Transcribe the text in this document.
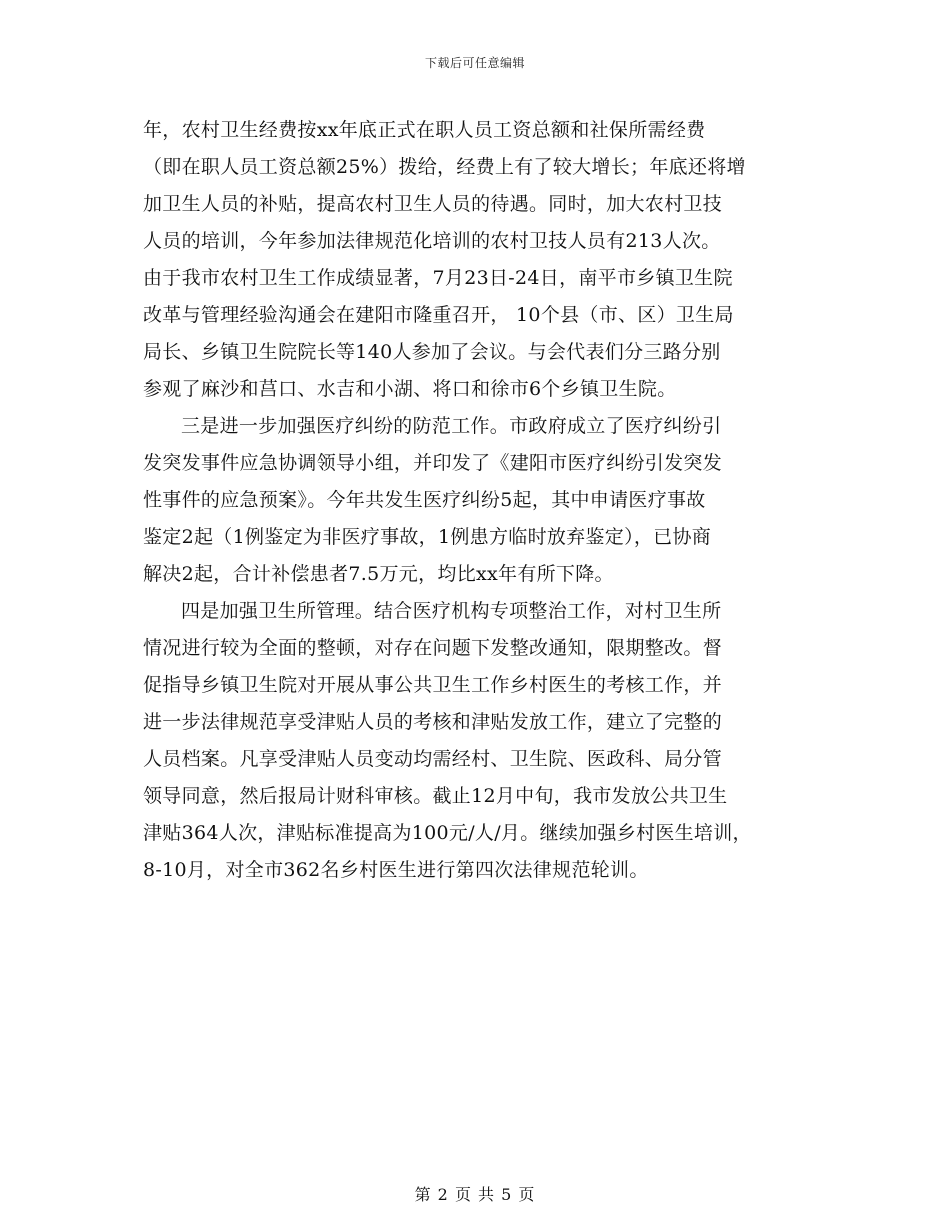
下载后可任意编辑
年，农村卫生经费按xx年底正式在职人员工资总额和社保所需经费
（即在职人员工资总额25%）拨给，经费上有了较大增长；年底还将增
加卫生人员的补贴，提高农村卫生人员的待遇。同时，加大农村卫技
人员的培训，今年参加法律规范化培训的农村卫技人员有213人次。
由于我市农村卫生工作成绩显著，7月23日-24日，南平市乡镇卫生院
改革与管理经验沟通会在建阳市隆重召开， 10个县（市、区）卫生局
局长、乡镇卫生院院长等140人参加了会议。与会代表们分三路分别
参观了麻沙和莒口、水吉和小湖、将口和徐市6个乡镇卫生院。
三是进一步加强医疗纠纷的防范工作。市政府成立了医疗纠纷引
发突发事件应急协调领导小组，并印发了《建阳市医疗纠纷引发突发
性事件的应急预案》。今年共发生医疗纠纷5起，其中申请医疗事故
鉴定2起（1例鉴定为非医疗事故，1例患方临时放弃鉴定），已协商
解决2起，合计补偿患者7.5万元，均比xx年有所下降。
四是加强卫生所管理。结合医疗机构专项整治工作，对村卫生所
情况进行较为全面的整顿，对存在问题下发整改通知，限期整改。督
促指导乡镇卫生院对开展从事公共卫生工作乡村医生的考核工作，并
进一步法律规范享受津贴人员的考核和津贴发放工作，建立了完整的
人员档案。凡享受津贴人员变动均需经村、卫生院、医政科、局分管
领导同意，然后报局计财科审核。截止12月中旬，我市发放公共卫生
津贴364人次，津贴标准提高为100元/人/月。继续加强乡村医生培训，
8-10月，对全市362名乡村医生进行第四次法律规范轮训。
第 2 页 共 5 页
